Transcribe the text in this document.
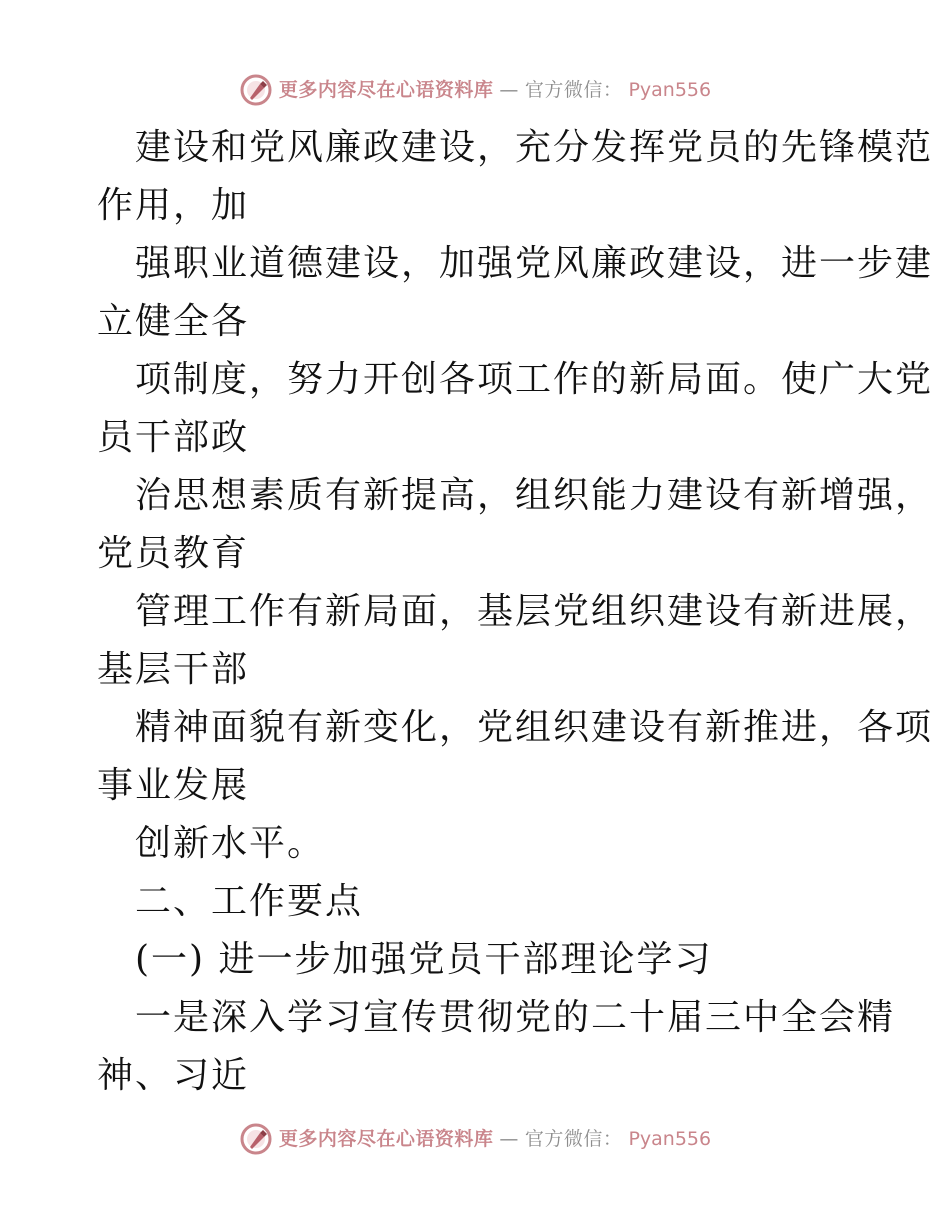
更多内容尽在心语资料库 — 官方微信： Pyan556
建设和党风廉政建设，充分发挥党员的先锋模范
作用，加
强职业道德建设，加强党风廉政建设，进一步建
立健全各
项制度，努力开创各项工作的新局面。使广大党
员干部政
治思想素质有新提高，组织能力建设有新增强，
党员教育
管理工作有新局面，基层党组织建设有新进展，
基层干部
精神面貌有新变化，党组织建设有新推进，各项
事业发展
创新水平。
二、工作要点
(一) 进一步加强党员干部理论学习
一是深入学习宣传贯彻党的二十届三中全会精
神、习近
更多内容尽在心语资料库 — 官方微信： Pyan556
